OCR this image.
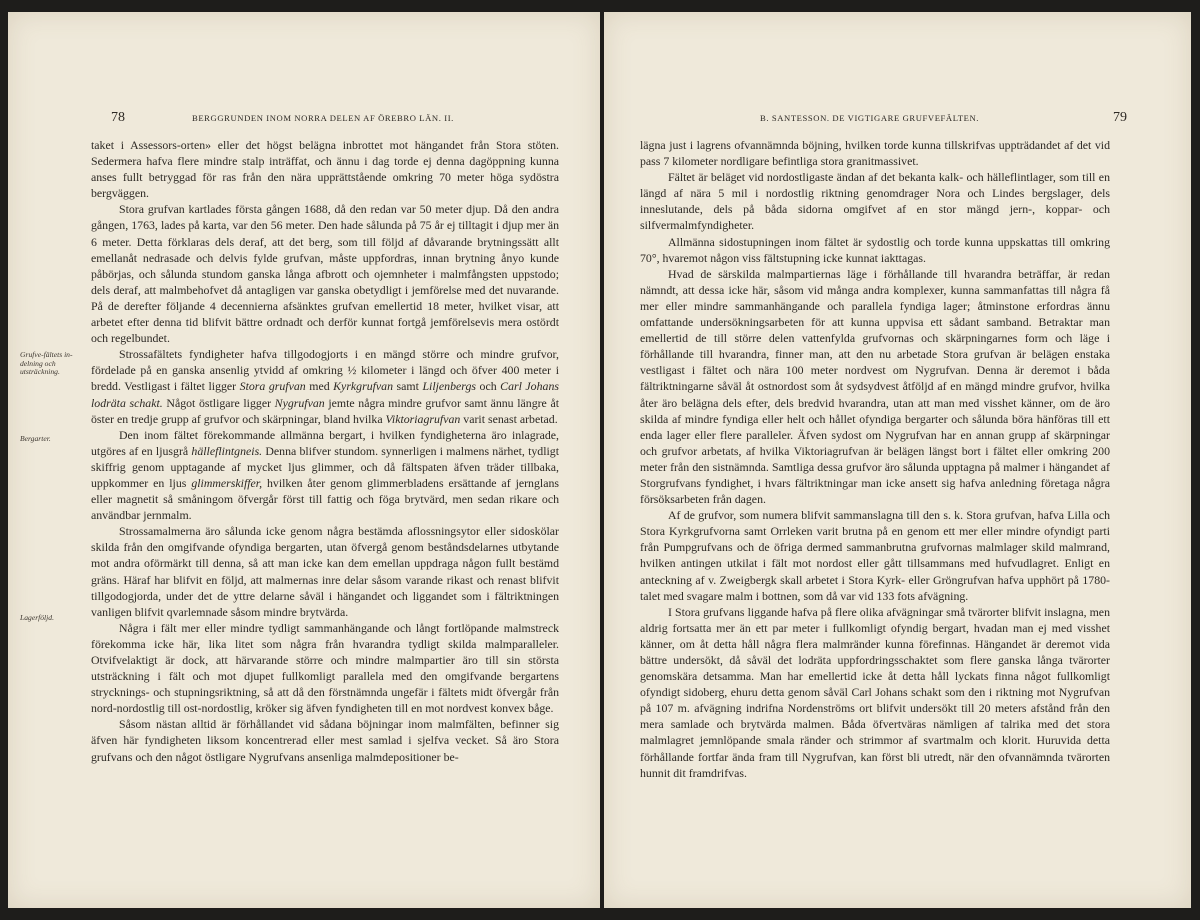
78	BERGGRUNDEN INOM NORRA DELEN AF ÖREBRO LÄN. II.
Grufve-fältets in-delning och utsträckning.
Bergarter.
Lagerföljd.

taket i Assessors-orten» eller det högst belägna inbrottet mot hängandet från Stora stöten. Sedermera hafva flere mindre stalp inträffat, och ännu i dag torde ej denna dagöppning kunna anses fullt betryggad för ras från den nära upprättstående omkring 70 meter höga sydöstra bergväggen.

Stora grufvan kartlades första gången 1688, då den redan var 50 meter djup. Då den andra gången, 1763, lades på karta, var den 56 meter. Den hade sålunda på 75 år ej tilltagit i djup mer än 6 meter. Detta förklaras dels deraf, att det berg, som till följd af dåvarande brytningssätt allt emellanåt nedrasade och delvis fylde grufvan, måste uppfordras, innan brytning ånyo kunde påbörjas, och sålunda stundom ganska långa afbrott och ojemnheter i malmfångsten uppstodo; dels deraf, att malmbehofvet då antagligen var ganska obetydligt i jemförelse med det nuvarande. På de derefter följande 4 decennierna afsänktes grufvan emellertid 18 meter, hvilket visar, att arbetet efter denna tid blifvit bättre ordnadt och derför kunnat fortgå jemförelsevis mera ostördt och regelbundet.

Strossafältets fyndigheter hafva tillgodogjorts i en mängd större och mindre grufvor, fördelade på en ganska ansenlig ytvidd af omkring ½ kilometer i längd och öfver 400 meter i bredd. Vestligast i fältet ligger Stora grufvan med Kyrkgrufvan samt Liljenbergs och Carl Johans lodräta schakt. Något östligare ligger Nygrufvan jemte några mindre grufvor samt ännu längre åt öster en tredje grupp af grufvor och skärpningar, bland hvilka Viktoriagrufvan varit senast arbetad.

Den inom fältet förekommande allmänna bergart, i hvilken fyndigheterna äro inlagrade, utgöres af en ljusgrå hälleflintgneis. Denna blifver stundom. synnerligen i malmens närhet, tydligt skiffrig genom upptagande af mycket ljus glimmer, och då fältspaten äfven träder tillbaka, uppkommer en ljus glimmerskiffer, hvilken åter genom glimmerbladens ersättande af jernglans eller magnetit så småningom öfvergår först till fattig och föga brytvärd, men sedan rikare och användbar jernmalm.

Strossamalmerna äro sålunda icke genom några bestämda aflossningsytor eller sidoskölar skilda från den omgifvande ofyndiga bergarten, utan öfvergå genom beståndsdelarnes utbytande mot andra oförmärkt till denna, så att man icke kan dem emellan uppdraga någon fullt bestämd gräns. Häraf har blifvit en följd, att malmernas inre delar såsom varande rikast och renast blifvit tillgodogjorda, under det de yttre delarne såväl i hängandet och liggandet som i fältriktningen vanligen blifvit qvarlemnade såsom mindre brytvärda.

Några i fält mer eller mindre tydligt sammanhängande och långt fortlöpande malmstreck förekomma icke här, lika litet som några från hvarandra tydligt skilda malmparalleler. Otvifvelaktigt är dock, att härvarande större och mindre malmpartier äro till sin största utsträckning i fält och mot djupet fullkomligt parallela med den omgifvande bergartens strycknings- och stupningsriktning, så att då den förstnämnda ungefär i fältets midt öfvergår från nord-nordostlig till ost-nordostlig, kröker sig äfven fyndigheten till en mot nordvest konvex båge.

Såsom nästan alltid är förhållandet vid sådana böjningar inom malmfälten, befinner sig äfven här fyndigheten liksom koncentrerad eller mest samlad i sjelfva vecket. Så äro Stora grufvans och den något östligare Nygrufvans ansenliga malmdepositioner be-

B. SANTESSON. DE VIGTIGARE GRUFVEFÄLTEN.	79

lägna just i lagrens ofvannämnda böjning, hvilken torde kunna tillskrifvas uppträdandet af det vid pass 7 kilometer nordligare befintliga stora granitmassivet.

Fältet är beläget vid nordostligaste ändan af det bekanta kalk- och hälleflintlager, som till en längd af nära 5 mil i nordostlig riktning genomdrager Nora och Lindes bergslager, dels inneslutande, dels på båda sidorna omgifvet af en stor mängd jern-, koppar- och silfvermalmfyndigheter.

Allmänna sidostupningen inom fältet är sydostlig och torde kunna uppskattas till omkring 70°, hvaremot någon viss fältstupning icke kunnat iakttagas.

Hvad de särskilda malmpartiernas läge i förhållande till hvarandra beträffar, är redan nämndt, att dessa icke här, såsom vid många andra komplexer, kunna sammanfattas till några få mer eller mindre sammanhängande och parallela fyndiga lager; åtminstone erfordras ännu omfattande undersökningsarbeten för att kunna uppvisa ett sådant samband. Betraktar man emellertid de till större delen vattenfylda grufvornas och skärpningarnes form och läge i förhållande till hvarandra, finner man, att den nu arbetade Stora grufvan är belägen enstaka vestligast i fältet och nära 100 meter nordvest om Nygrufvan. Denna är deremot i båda fältriktningarne såväl åt ostnordost som åt sydsydvest åtföljd af en mängd mindre grufvor, hvilka åter äro belägna dels efter, dels bredvid hvarandra, utan att man med visshet känner, om de äro skilda af mindre fyndiga eller helt och hållet ofyndiga bergarter och sålunda böra hänföras till ett enda lager eller flere paralleler. Äfven sydost om Nygrufvan har en annan grupp af skärpningar och grufvor arbetats, af hvilka Viktoriagrufvan är belägen längst bort i fältet eller omkring 200 meter från den sistnämnda. Samtliga dessa grufvor äro sålunda upptagna på malmer i hängandet af Storgrufvans fyndighet, i hvars fältriktningar man icke ansett sig hafva anledning företaga några försöksarbeten från dagen.

Af de grufvor, som numera blifvit sammanslagna till den s. k. Stora grufvan, hafva Lilla och Stora Kyrkgrufvorna samt Orrleken varit brutna på en genom ett mer eller mindre ofyndigt parti från Pumpgrufvans och de öfriga dermed sammanbrutna grufvornas malmlager skild malmrand, hvilken antingen utkilat i fält mot nordost eller gått tillsammans med hufvudlagret. Enligt en anteckning af v. Zweigbergk skall arbetet i Stora Kyrk- eller Gröngrufvan hafva upphört på 1780-talet med svagare malm i bottnen, som då var vid 133 fots afvägning.

I Stora grufvans liggande hafva på flere olika afvägningar små tvärorter blifvit inslagna, men aldrig fortsatta mer än ett par meter i fullkomligt ofyndig bergart, hvadan man ej med visshet känner, om åt detta håll några flera malmränder kunna förefinnas. Hängandet är deremot vida bättre undersökt, då såväl det lodräta uppfordringsschaktet som flere ganska långa tvärorter genomskära detsamma. Man har emellertid icke åt detta håll lyckats finna något fullkomligt ofyndigt sidoberg, ehuru detta genom såväl Carl Johans schakt som den i riktning mot Nygrufvan på 107 m. afvägning indrifna Nordenströms ort blifvit undersökt till 20 meters afstånd från den mera samlade och brytvärda malmen. Båda öfvertväras nämligen af talrika med det stora malmlagret jemnlöpande smala ränder och strimmor af svartmalm och klorit. Huruvida detta förhållande fortfar ända fram till Nygrufvan, kan först bli utredt, när den ofvannämnda tvärorten hunnit dit framdrifvas.
